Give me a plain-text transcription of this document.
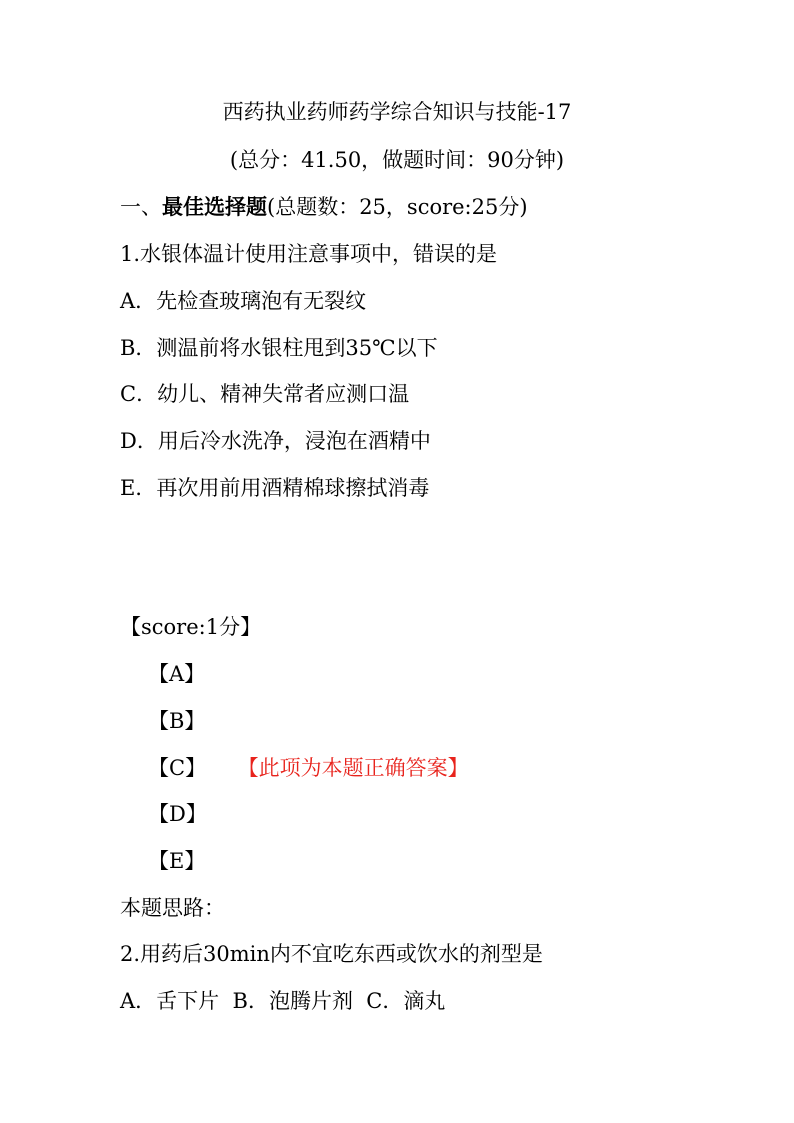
西药执业药师药学综合知识与技能-17
(总分：41.50，做题时间：90分钟)
一、最佳选择题(总题数：25，score:25分)
1.水银体温计使用注意事项中，错误的是
A．先检查玻璃泡有无裂纹
B．测温前将水银柱甩到35℃以下
C．幼儿、精神失常者应测口温
D．用后冷水洗净，浸泡在酒精中
E．再次用前用酒精棉球擦拭消毒
【score:1分】
【A】
【B】
【C】 【此项为本题正确答案】
【D】
【E】
本题思路：
2.用药后30min内不宜吃东西或饮水的剂型是
A．舌下片  B．泡腾片剂  C．滴丸
